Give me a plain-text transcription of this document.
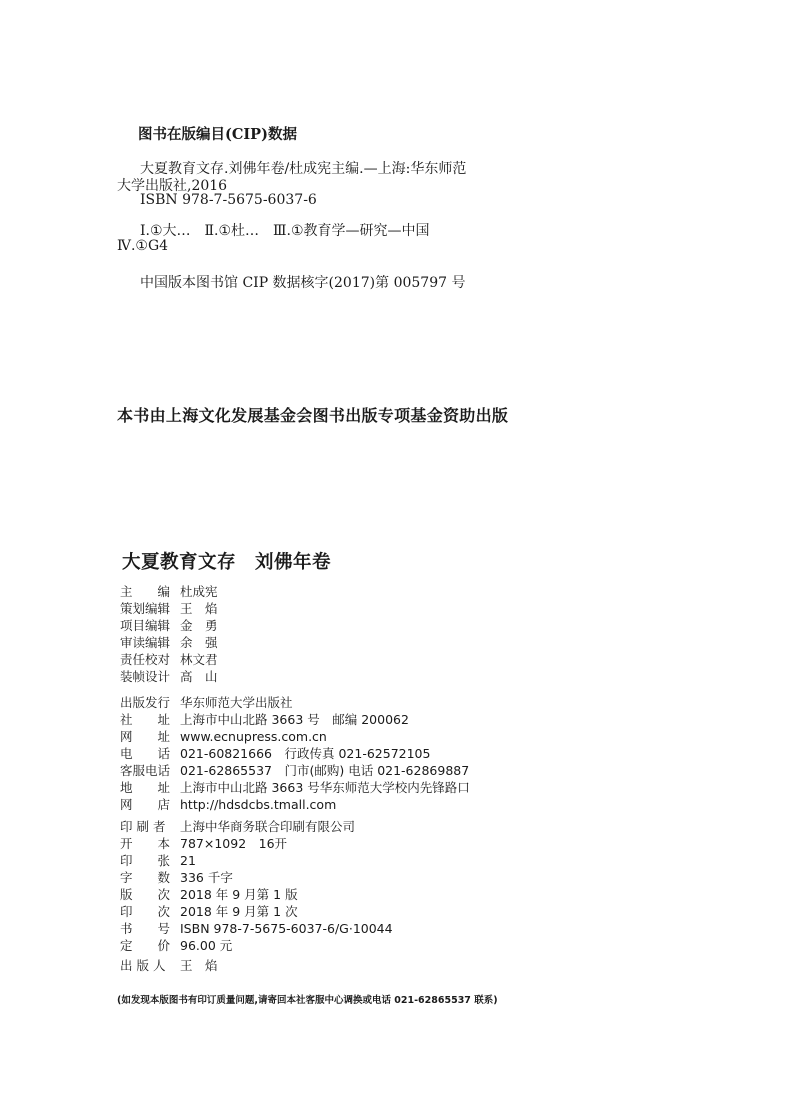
图书在版编目(CIP)数据
大夏教育文存.刘佛年卷/杜成宪主编.—上海:华东师范
大学出版社,2016
ISBN 978-7-5675-6037-6
Ⅰ.①大…　Ⅱ.①杜…　Ⅲ.①教育学—研究—中国
Ⅳ.①G4
中国版本图书馆 CIP 数据核字(2017)第 005797 号
本书由上海文化发展基金会图书出版专项基金资助出版
大夏教育文存　刘佛年卷
主　　编 杜成宪
策划编辑 王　焰
项目编辑 金　勇
审读编辑 余　强
责任校对 林文君
装帧设计 高　山
出版发行 华东师范大学出版社
社　　址 上海市中山北路 3663 号　邮编 200062
网　　址 www.ecnupress.com.cn
电　　话 021-60821666　行政传真 021-62572105
客服电话 021-62865537　门市(邮购) 电话 021-62869887
地　　址 上海市中山北路 3663 号华东师范大学校内先锋路口
网　　店 http://hdsdcbs.tmall.com
印 刷 者	上海中华商务联合印刷有限公司
开　　本 787×1092　16开
印　　张 21
字　　数 336 千字
版　　次 2018 年 9 月第 1 版
印　　次 2018 年 9 月第 1 次
书　　号 ISBN 978-7-5675-6037-6/G·10044
定　　价 96.00 元
出 版 人	王　焰
(如发现本版图书有印订质量问题,请寄回本社客服中心调换或电话 021-62865537 联系)
